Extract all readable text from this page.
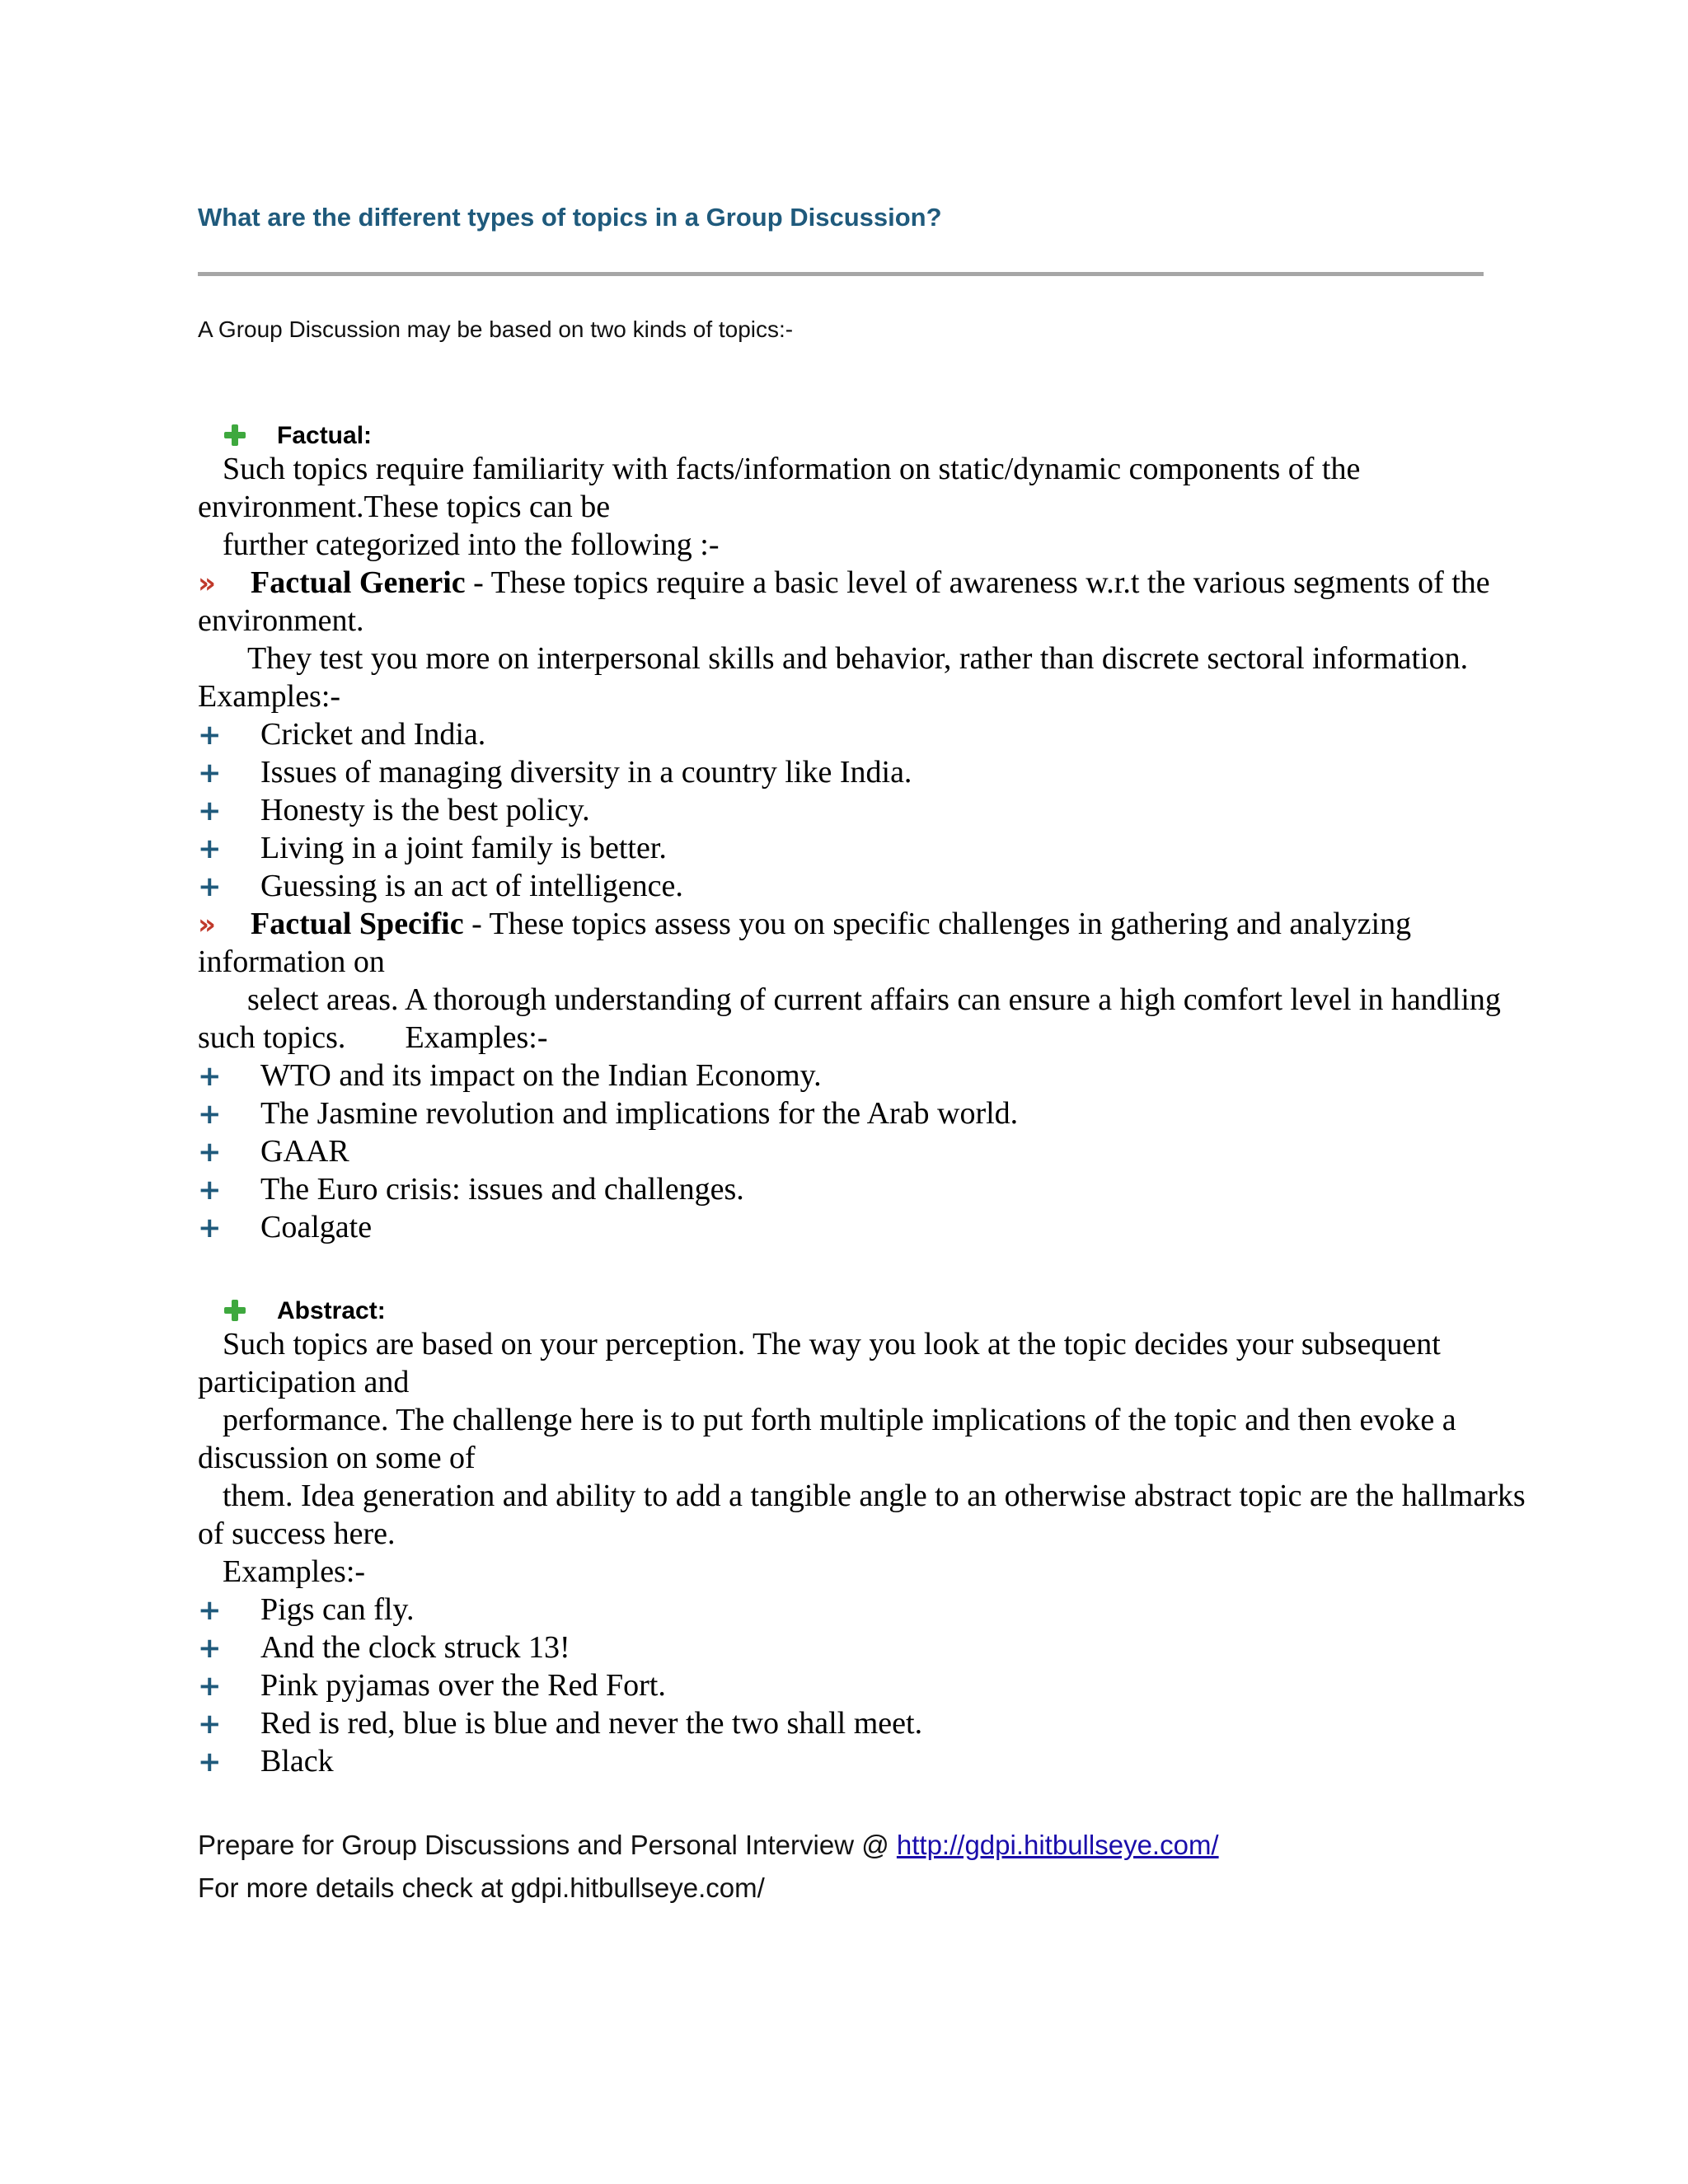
What are the different types of topics in a Group Discussion?
A Group Discussion may be based on two kinds of topics:-
Factual:
Such topics require familiarity with facts/information on static/dynamic components of the
environment.These topics can be
further categorized into the following :-
» Factual Generic - These topics require a basic level of awareness w.r.t the various segments of the
environment.
They test you more on interpersonal skills and behavior, rather than discrete sectoral information.
Examples:-
+ Cricket and India.
+ Issues of managing diversity in a country like India.
+ Honesty is the best policy.
+ Living in a joint family is better.
+ Guessing is an act of intelligence.
» Factual Specific - These topics assess you on specific challenges in gathering and analyzing
information on
select areas. A thorough understanding of current affairs can ensure a high comfort level in handling
such topics. Examples:-
+ WTO and its impact on the Indian Economy.
+ The Jasmine revolution and implications for the Arab world.
+ GAAR
+ The Euro crisis: issues and challenges.
+ Coalgate
Abstract:
Such topics are based on your perception. The way you look at the topic decides your subsequent
participation and
performance. The challenge here is to put forth multiple implications of the topic and then evoke a
discussion on some of
them. Idea generation and ability to add a tangible angle to an otherwise abstract topic are the hallmarks
of success here.
Examples:-
+ Pigs can fly.
+ And the clock struck 13!
+ Pink pyjamas over the Red Fort.
+ Red is red, blue is blue and never the two shall meet.
+ Black
Prepare for Group Discussions and Personal Interview @ http://gdpi.hitbullseye.com/
For more details check at gdpi.hitbullseye.com/
